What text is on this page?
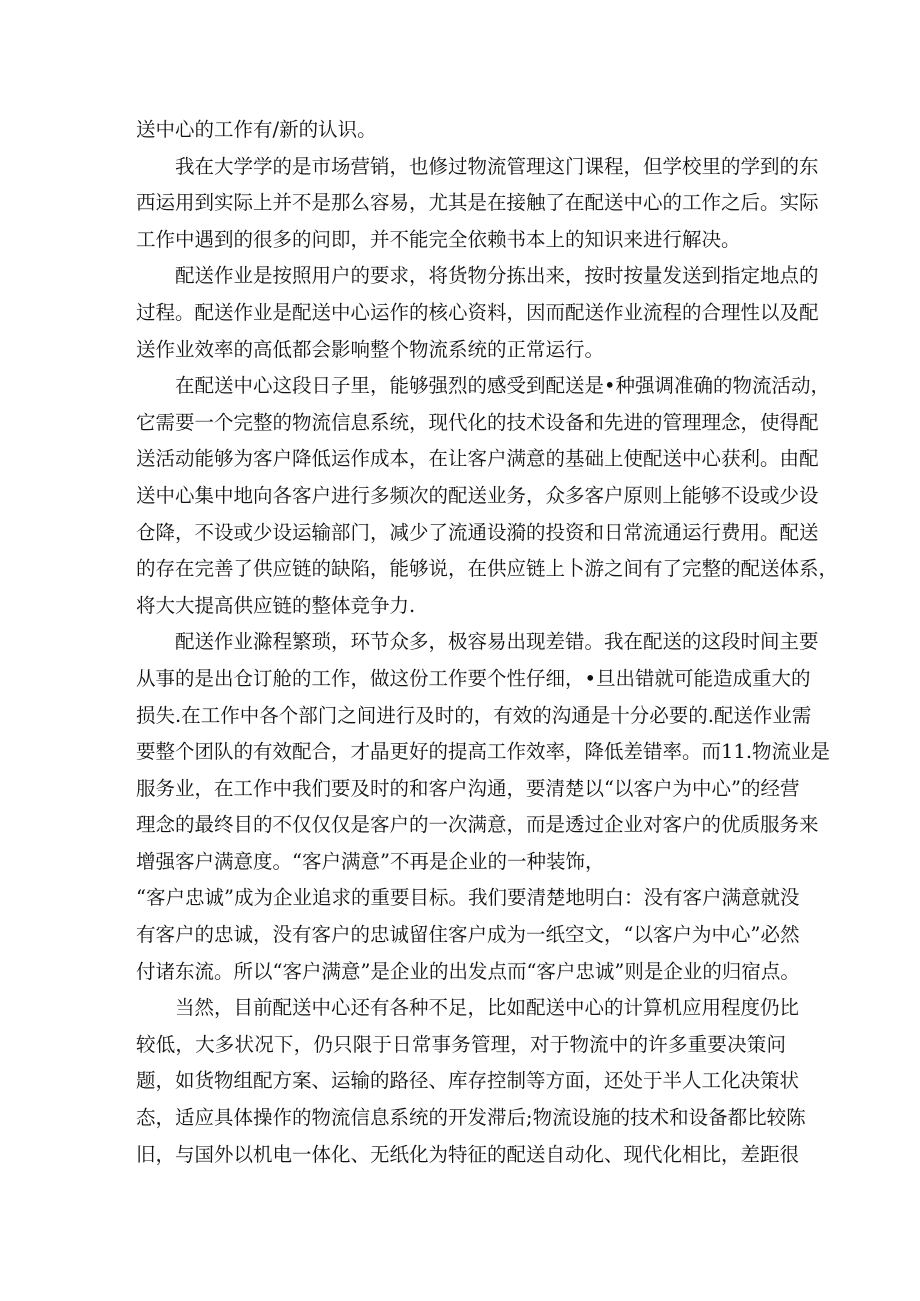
送中心的工作有/新的认识。

我在大学学的是市场营销，也修过物流管理这门课程，但学校里的学到的东
西运用到实际上并不是那么容易，尤其是在接触了在配送中心的工作之后。实际
工作中遇到的很多的问即，并不能完全依赖书本上的知识来进行解决。

配送作业是按照用户的要求，将货物分拣出来，按时按量发送到指定地点的
过程。配送作业是配送中心运作的核心资料，因而配送作业流程的合理性以及配
送作业效率的高低都会影响整个物流系统的正常运行。

在配送中心这段日子里，能够强烈的感受到配送是•种强调准确的物流活动，
它需要一个完整的物流信息系统，现代化的技术设备和先进的管理理念，使得配
送活动能够为客户降低运作成本，在让客户满意的基础上使配送中心获利。由配
送中心集中地向各客户进行多频次的配送业务，众多客户原则上能够不设或少设
仓降，不设或少设运输部门，减少了流通设漪的投资和日常流通运行费用。配送
的存在完善了供应链的缺陷，能够说，在供应链上卜游之间有了完整的配送体系，
将大大提高供应链的整体竞争力.

配送作业滁程繁琐，环节众多，极容易出现差错。我在配送的这段时间主要
从事的是出仓订舱的工作，做这份工作要个性仔细，•旦出错就可能造成重大的
损失.在工作中各个部门之间进行及时的，有效的沟通是十分必要的.配送作业需
要整个团队的有效配合，才晶更好的提高工作效率，降低差错率。而11.物流业是
服务业，在工作中我们要及时的和客户沟通，要清楚以“以客户为中心”的经营
理念的最终目的不仅仅仅是客户的一次满意，而是透过企业对客户的优质服务来
增强客户满意度。“客户满意”不再是企业的一种装饰，

“客户忠诚”成为企业追求的重要目标。我们要清楚地明白：没有客户满意就没
有客户的忠诚，没有客户的忠诚留住客户成为一纸空文，“以客户为中心”必然
付诸东流。所以“客户满意”是企业的出发点而“客户忠诚”则是企业的归宿点。

当然，目前配送中心还有各种不足，比如配送中心的计算机应用程度仍比
较低，大多状况下，仍只限于日常事务管理，对于物流中的许多重要决策问
题，如货物组配方案、运输的路径、库存控制等方面，还处于半人工化决策状
态，适应具体操作的物流信息系统的开发滞后;物流设施的技术和设备都比较陈
旧，与国外以机电一体化、无纸化为特征的配送自动化、现代化相比，差距很
